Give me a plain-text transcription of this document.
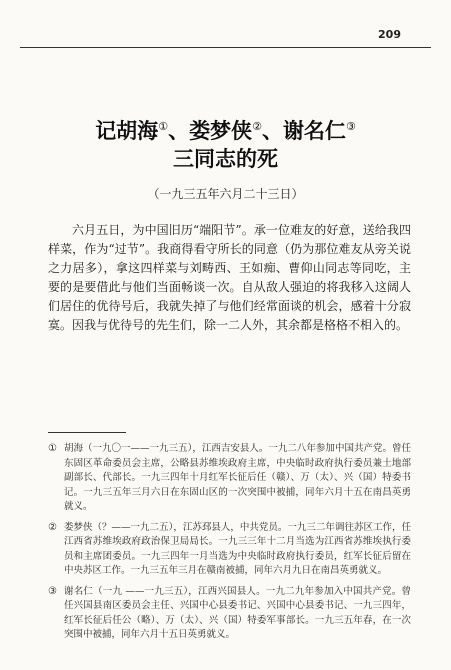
209
记胡海①、娄梦侠②、谢名仁③
三同志的死
（一九三五年六月二十三日）
六月五日，为中国旧历“端阳节”。承一位难友的好意，送给我四样菜，作为“过节”。我商得看守所长的同意（仍为那位难友从旁关说之力居多），拿这四样菜与刘畴西、王如痴、曹仰山同志等同吃，主要的是要借此与他们当面畅谈一次。自从敌人强迫的将我移入这阔人们居住的优待号后，我就失掉了与他们经常面谈的机会，感着十分寂寞。因我与优待号的先生们，除一二人外，其余都是格格不相入的。
① 胡海（一九〇一——一九三五），江西吉安县人。一九二八年参加中国共产党。曾任东固区革命委员会主席，公略县苏维埃政府主席，中央临时政府执行委员兼土地部副部长、代部长。一九三四年十月红军长征后任（赣）、万（太）、兴（国）特委书记。一九三五年三月六日在东固山区的一次突围中被捕，同年六月十五在南昌英勇就义。
② 娄梦侠（？——一九二五），江苏邳县人，中共党员。一九三二年调往苏区工作，任江西省苏维埃政府政治保卫局局长。一九三三年十二月当选为江西省苏维埃执行委员和主席团委员。一九三四年一月当选为中央临时政府执行委员，红军长征后留在中央苏区工作。一九三五年三月在赣南被捕，同年六月九日在南昌英勇就义。
③ 谢名仁（一九 ——一九三五），江西兴国县人。一九二九年参加入中国共产党。曾任兴国县南区委员会主任、兴国中心县委书记、兴国中心县委书记、一九三四年，红军长征后任公（略）、万（太）、兴（国）特委军事部长。一九三五年春，在一次突围中被捕，同年六月十五日英勇就义。
